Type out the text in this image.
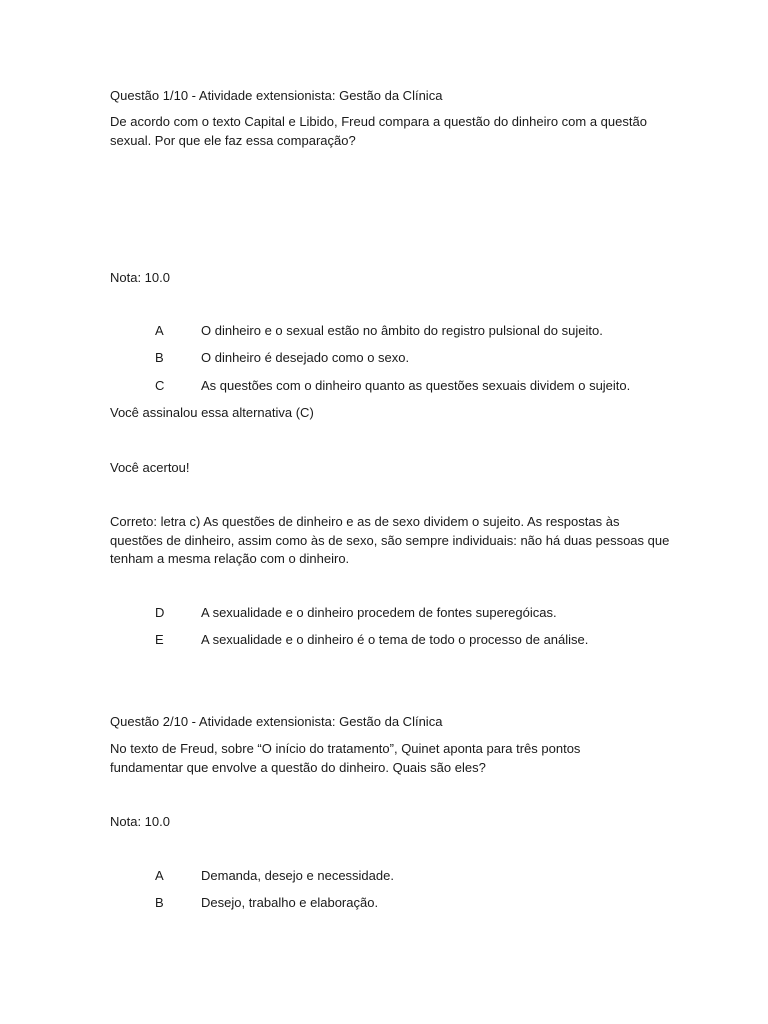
Questão 1/10 - Atividade extensionista: Gestão da Clínica
De acordo com o texto Capital e Libido, Freud compara a questão do dinheiro com a questão
sexual. Por que ele faz essa comparação?
Nota: 10.0
A	O dinheiro e o sexual estão no âmbito do registro pulsional do sujeito.
B	O dinheiro é desejado como o sexo.
C	As questões com o dinheiro quanto as questões sexuais dividem o sujeito.
Você assinalou essa alternativa (C)
Você acertou!
Correto: letra c) As questões de dinheiro e as de sexo dividem o sujeito. As respostas às
questões de dinheiro, assim como às de sexo, são sempre individuais: não há duas pessoas que
tenham a mesma relação com o dinheiro.
D	A sexualidade e o dinheiro procedem de fontes superegóicas.
E	A sexualidade e o dinheiro é o tema de todo o processo de análise.
Questão 2/10 - Atividade extensionista: Gestão da Clínica
No texto de Freud, sobre “O início do tratamento”, Quinet aponta para três pontos
fundamentar que envolve a questão do dinheiro. Quais são eles?
Nota: 10.0
A	Demanda, desejo e necessidade.
B	Desejo, trabalho e elaboração.
